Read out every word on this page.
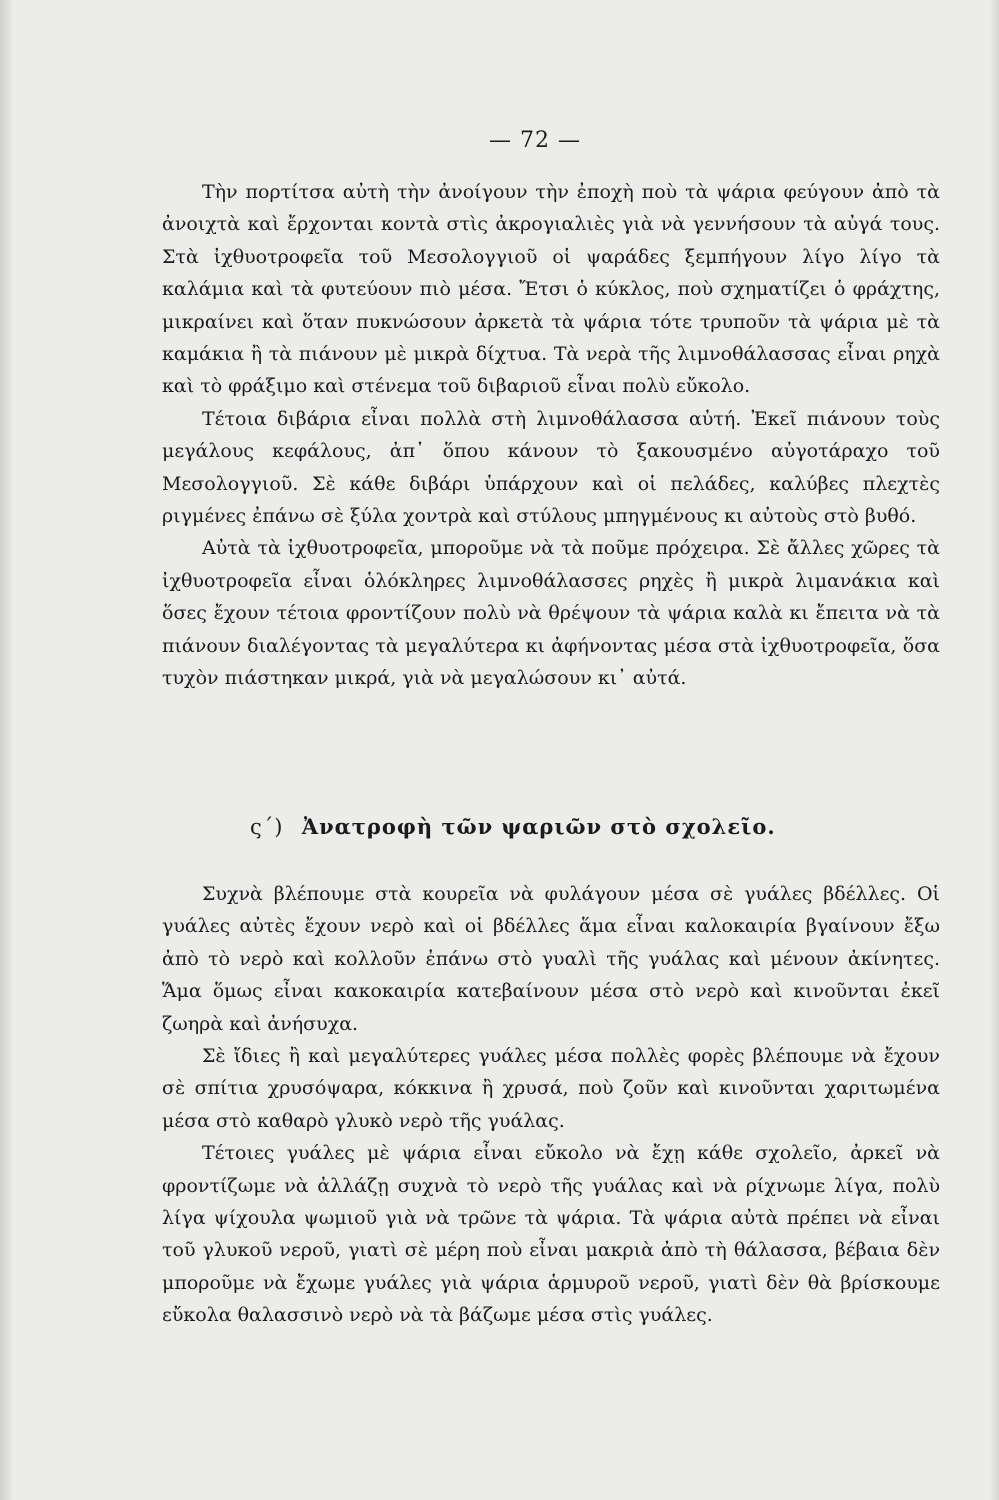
— 72 —

Τὴν πορτίτσα αὐτὴ τὴν ἀνοίγουν τὴν ἐποχὴ ποὺ τὰ ψάρια φεύγουν ἀπὸ τὰ ἀνοιχτὰ καὶ ἔρχονται κοντὰ στὶς ἀκρογιαλιὲς γιὰ νὰ γεννήσουν τὰ αὐγά τους. Στὰ ἰχθυοτροφεῖα τοῦ Μεσολογγιοῦ οἱ ψαράδες ξεμπήγουν λίγο λίγο τὰ καλάμια καὶ τὰ φυτεύουν πιὸ μέσα. Ἔτσι ὁ κύκλος, ποὺ σχηματίζει ὁ φράχτης, μικραίνει καὶ ὅταν πυκνώσουν ἀρκετὰ τὰ ψάρια τότε τρυποῦν τὰ ψάρια μὲ τὰ καμάκια ἢ τὰ πιάνουν μὲ μικρὰ δίχτυα. Τὰ νερὰ τῆς λιμνοθάλασσας εἶναι ρηχὰ καὶ τὸ φράξιμο καὶ στένεμα τοῦ διβαριοῦ εἶναι πολὺ εὔκολο.

Τέτοια διβάρια εἶναι πολλὰ στὴ λιμνοθάλασσα αὐτή. Ἐκεῖ πιάνουν τοὺς μεγάλους κεφάλους, ἀπ᾿ ὅπου κάνουν τὸ ξακουσμένο αὐγοτάραχο τοῦ Μεσολογγιοῦ. Σὲ κάθε διβάρι ὑπάρχουν καὶ οἱ πελάδες, καλύβες πλεχτὲς ριγμένες ἐπάνω σὲ ξύλα χοντρὰ καὶ στύλους μπηγμένους κι αὐτοὺς στὸ βυθό.

Αὐτὰ τὰ ἰχθυοτροφεῖα, μποροῦμε νὰ τὰ ποῦμε πρόχειρα. Σὲ ἄλλες χῶρες τὰ ἰχθυοτροφεῖα εἶναι ὁλόκληρες λιμνοθάλασσες ρηχὲς ἢ μικρὰ λιμανάκια καὶ ὅσες ἔχουν τέτοια φροντίζουν πολὺ νὰ θρέψουν τὰ ψάρια καλὰ κι ἔπειτα νὰ τὰ πιάνουν διαλέγοντας τὰ μεγαλύτερα κι ἀφήνοντας μέσα στὰ ἰχθυοτροφεῖα, ὅσα τυχὸν πιάστηκαν μικρά, γιὰ νὰ μεγαλώσουν κι᾿ αὐτά.

ς´) Ἀνατροφὴ τῶν ψαριῶν στὸ σχολεῖο.

Συχνὰ βλέπουμε στὰ κουρεῖα νὰ φυλάγουν μέσα σὲ γυάλες βδέλλες. Οἱ γυάλες αὐτὲς ἔχουν νερὸ καὶ οἱ βδέλλες ἅμα εἶναι καλοκαιρία βγαίνουν ἔξω ἀπὸ τὸ νερὸ καὶ κολλοῦν ἐπάνω στὸ γυαλὶ τῆς γυάλας καὶ μένουν ἀκίνητες. Ἅμα ὅμως εἶναι κακοκαιρία κατεβαίνουν μέσα στὸ νερὸ καὶ κινοῦνται ἐκεῖ ζωηρὰ καὶ ἀνήσυχα.

Σὲ ἴδιες ἢ καὶ μεγαλύτερες γυάλες μέσα πολλὲς φορὲς βλέπουμε νὰ ἔχουν σὲ σπίτια χρυσόψαρα, κόκκινα ἢ χρυσά, ποὺ ζοῦν καὶ κινοῦνται χαριτωμένα μέσα στὸ καθαρὸ γλυκὸ νερὸ τῆς γυάλας.

Τέτοιες γυάλες μὲ ψάρια εἶναι εὔκολο νὰ ἔχῃ κάθε σχολεῖο, ἀρκεῖ νὰ φροντίζωμε νὰ ἀλλάζῃ συχνὰ τὸ νερὸ τῆς γυάλας καὶ νὰ ρίχνωμε λίγα, πολὺ λίγα ψίχουλα ψωμιοῦ γιὰ νὰ τρῶνε τὰ ψάρια. Τὰ ψάρια αὐτὰ πρέπει νὰ εἶναι τοῦ γλυκοῦ νεροῦ, γιατὶ σὲ μέρη ποὺ εἶναι μακριὰ ἀπὸ τὴ θάλασσα, βέβαια δὲν μποροῦμε νὰ ἔχωμε γυάλες γιὰ ψάρια ἁρμυροῦ νεροῦ, γιατὶ δὲν θὰ βρίσκουμε εὔκολα θαλασσινὸ νερὸ νὰ τὰ βάζωμε μέσα στὶς γυάλες.
